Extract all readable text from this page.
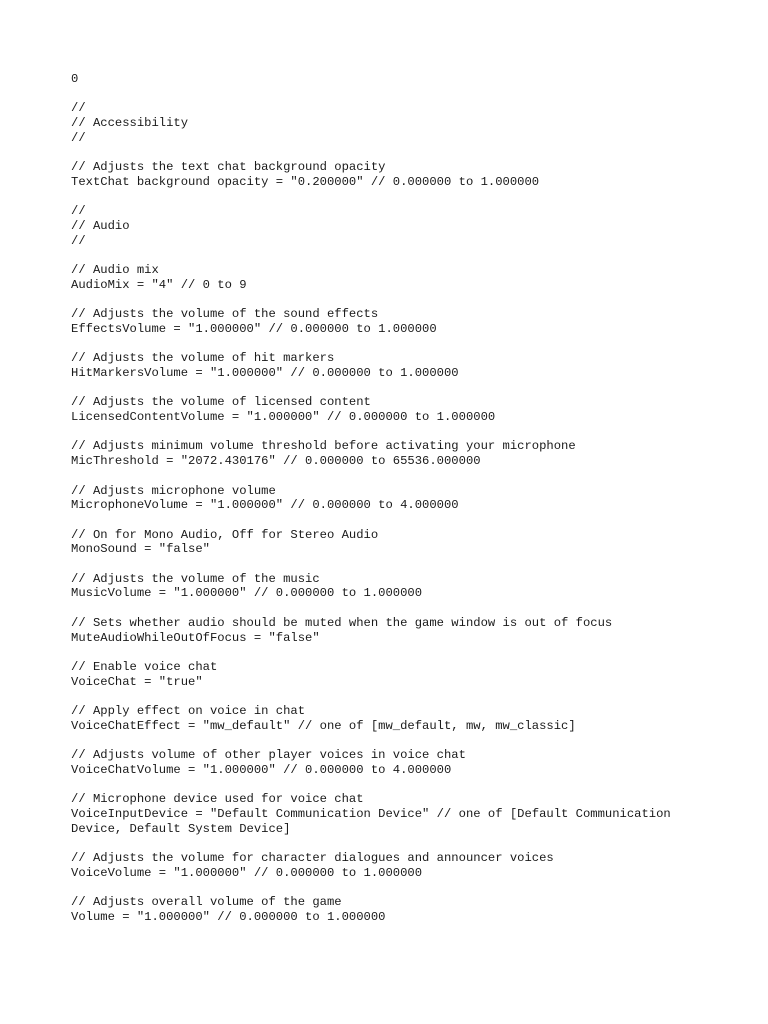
0
//
// Accessibility
//
// Adjusts the text chat background opacity
TextChat background opacity = "0.200000" // 0.000000 to 1.000000
//
// Audio
//
// Audio mix
AudioMix = "4" // 0 to 9
// Adjusts the volume of the sound effects
EffectsVolume = "1.000000" // 0.000000 to 1.000000
// Adjusts the volume of hit markers
HitMarkersVolume = "1.000000" // 0.000000 to 1.000000
// Adjusts the volume of licensed content
LicensedContentVolume = "1.000000" // 0.000000 to 1.000000
// Adjusts minimum volume threshold before activating your microphone
MicThreshold = "2072.430176" // 0.000000 to 65536.000000
// Adjusts microphone volume
MicrophoneVolume = "1.000000" // 0.000000 to 4.000000
// On for Mono Audio, Off for Stereo Audio
MonoSound = "false"
// Adjusts the volume of the music
MusicVolume = "1.000000" // 0.000000 to 1.000000
// Sets whether audio should be muted when the game window is out of focus
MuteAudioWhileOutOfFocus = "false"
// Enable voice chat
VoiceChat = "true"
// Apply effect on voice in chat
VoiceChatEffect = "mw_default" // one of [mw_default, mw, mw_classic]
// Adjusts volume of other player voices in voice chat
VoiceChatVolume = "1.000000" // 0.000000 to 4.000000
// Microphone device used for voice chat
VoiceInputDevice = "Default Communication Device" // one of [Default Communication
Device, Default System Device]
// Adjusts the volume for character dialogues and announcer voices
VoiceVolume = "1.000000" // 0.000000 to 1.000000
// Adjusts overall volume of the game
Volume = "1.000000" // 0.000000 to 1.000000
